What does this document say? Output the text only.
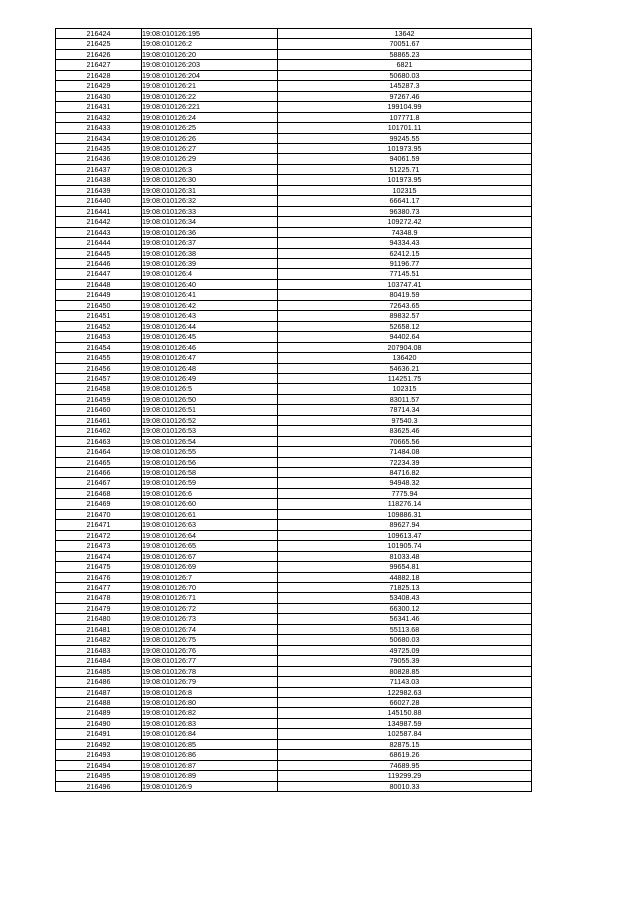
216424	19:08:010126:195	13642
216425	19:08:010126:2	70051.67
216426	19:08:010126:20	58865.23
216427	19:08:010126:203	6821
216428	19:08:010126:204	50680.03
216429	19:08:010126:21	145287.3
216430	19:08:010126:22	97267.46
216431	19:08:010126:221	199104.99
216432	19:08:010126:24	107771.8
216433	19:08:010126:25	101701.11
216434	19:08:010126:26	99245.55
216435	19:08:010126:27	101973.95
216436	19:08:010126:29	94061.59
216437	19:08:010126:3	51225.71
216438	19:08:010126:30	101973.95
216439	19:08:010126:31	102315
216440	19:08:010126:32	66641.17
216441	19:08:010126:33	96380.73
216442	19:08:010126:34	109272.42
216443	19:08:010126:36	74348.9
216444	19:08:010126:37	94334.43
216445	19:08:010126:38	62412.15
216446	19:08:010126:39	91196.77
216447	19:08:010126:4	77145.51
216448	19:08:010126:40	103747.41
216449	19:08:010126:41	80419.59
216450	19:08:010126:42	72643.65
216451	19:08:010126:43	89832.57
216452	19:08:010126:44	52658.12
216453	19:08:010126:45	94402.64
216454	19:08:010126:46	207904.08
216455	19:08:010126:47	136420
216456	19:08:010126:48	54636.21
216457	19:08:010126:49	114251.75
216458	19:08:010126:5	102315
216459	19:08:010126:50	83011.57
216460	19:08:010126:51	78714.34
216461	19:08:010126:52	97540.3
216462	19:08:010126:53	83625.46
216463	19:08:010126:54	70665.56
216464	19:08:010126:55	71484.08
216465	19:08:010126:56	72234.39
216466	19:08:010126:58	84716.82
216467	19:08:010126:59	94948.32
216468	19:08:010126:6	7775.94
216469	19:08:010126:60	118276.14
216470	19:08:010126:61	109886.31
216471	19:08:010126:63	89627.94
216472	19:08:010126:64	109613.47
216473	19:08:010126:65	101905.74
216474	19:08:010126:67	81033.48
216475	19:08:010126:69	99654.81
216476	19:08:010126:7	44882.18
216477	19:08:010126:70	71825.13
216478	19:08:010126:71	53408.43
216479	19:08:010126:72	66300.12
216480	19:08:010126:73	56341.46
216481	19:08:010126:74	55113.68
216482	19:08:010126:75	50680.03
216483	19:08:010126:76	49725.09
216484	19:08:010126:77	79055.39
216485	19:08:010126:78	80828.85
216486	19:08:010126:79	71143.03
216487	19:08:010126:8	122982.63
216488	19:08:010126:80	66027.28
216489	19:08:010126:82	145150.88
216490	19:08:010126:83	134987.59
216491	19:08:010126:84	102587.84
216492	19:08:010126:85	82875.15
216493	19:08:010126:86	68619.26
216494	19:08:010126:87	74689.95
216495	19:08:010126:89	119299.29
216496	19:08:010126:9	80010.33
